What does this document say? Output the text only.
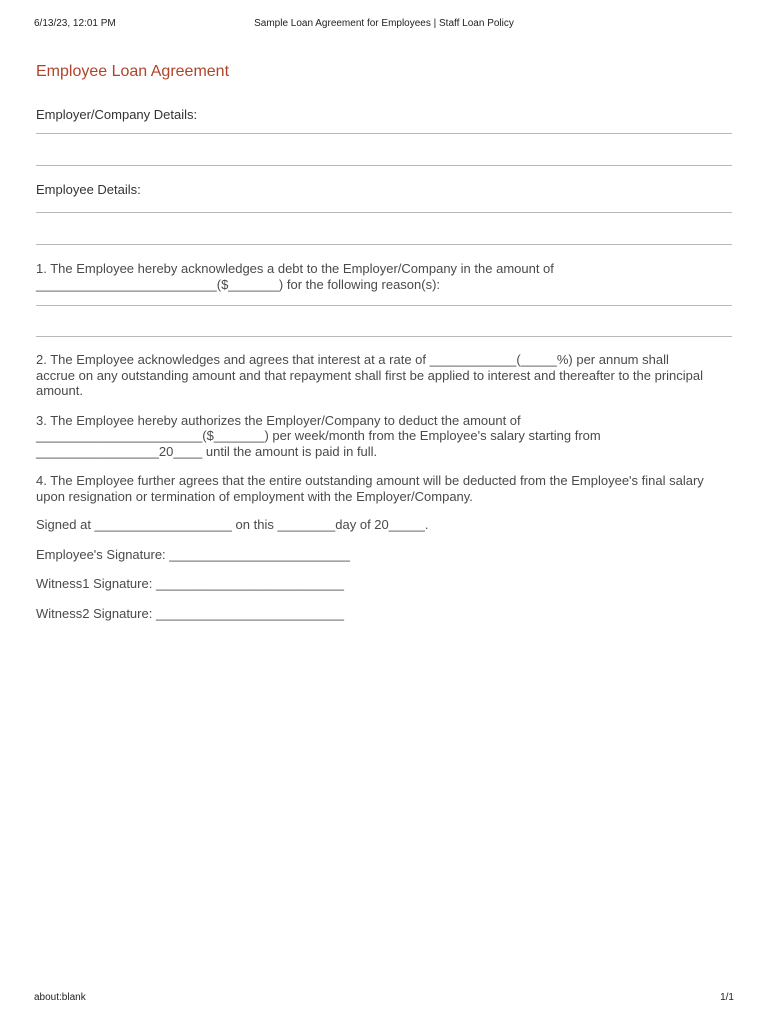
6/13/23, 12:01 PM	Sample Loan Agreement for Employees | Staff Loan Policy
Employee Loan Agreement
Employer/Company Details:
Employee Details:
1. The Employee hereby acknowledges a debt to the Employer/Company in the amount of
_________________________($_______) for the following reason(s):
2. The Employee acknowledges and agrees that interest at a rate of ____________(_____%) per annum shall
accrue on any outstanding amount and that repayment shall first be applied to interest and thereafter to the principal
amount.
3. The Employee hereby authorizes the Employer/Company to deduct the amount of
_______________________($_______) per week/month from the Employee's salary starting from
_________________20____ until the amount is paid in full.
4. The Employee further agrees that the entire outstanding amount will be deducted from the Employee's final salary
upon resignation or termination of employment with the Employer/Company.
Signed at ___________________ on this ________day of 20_____.
Employee's Signature: _________________________
Witness1 Signature: __________________________
Witness2 Signature: __________________________
about:blank	1/1
